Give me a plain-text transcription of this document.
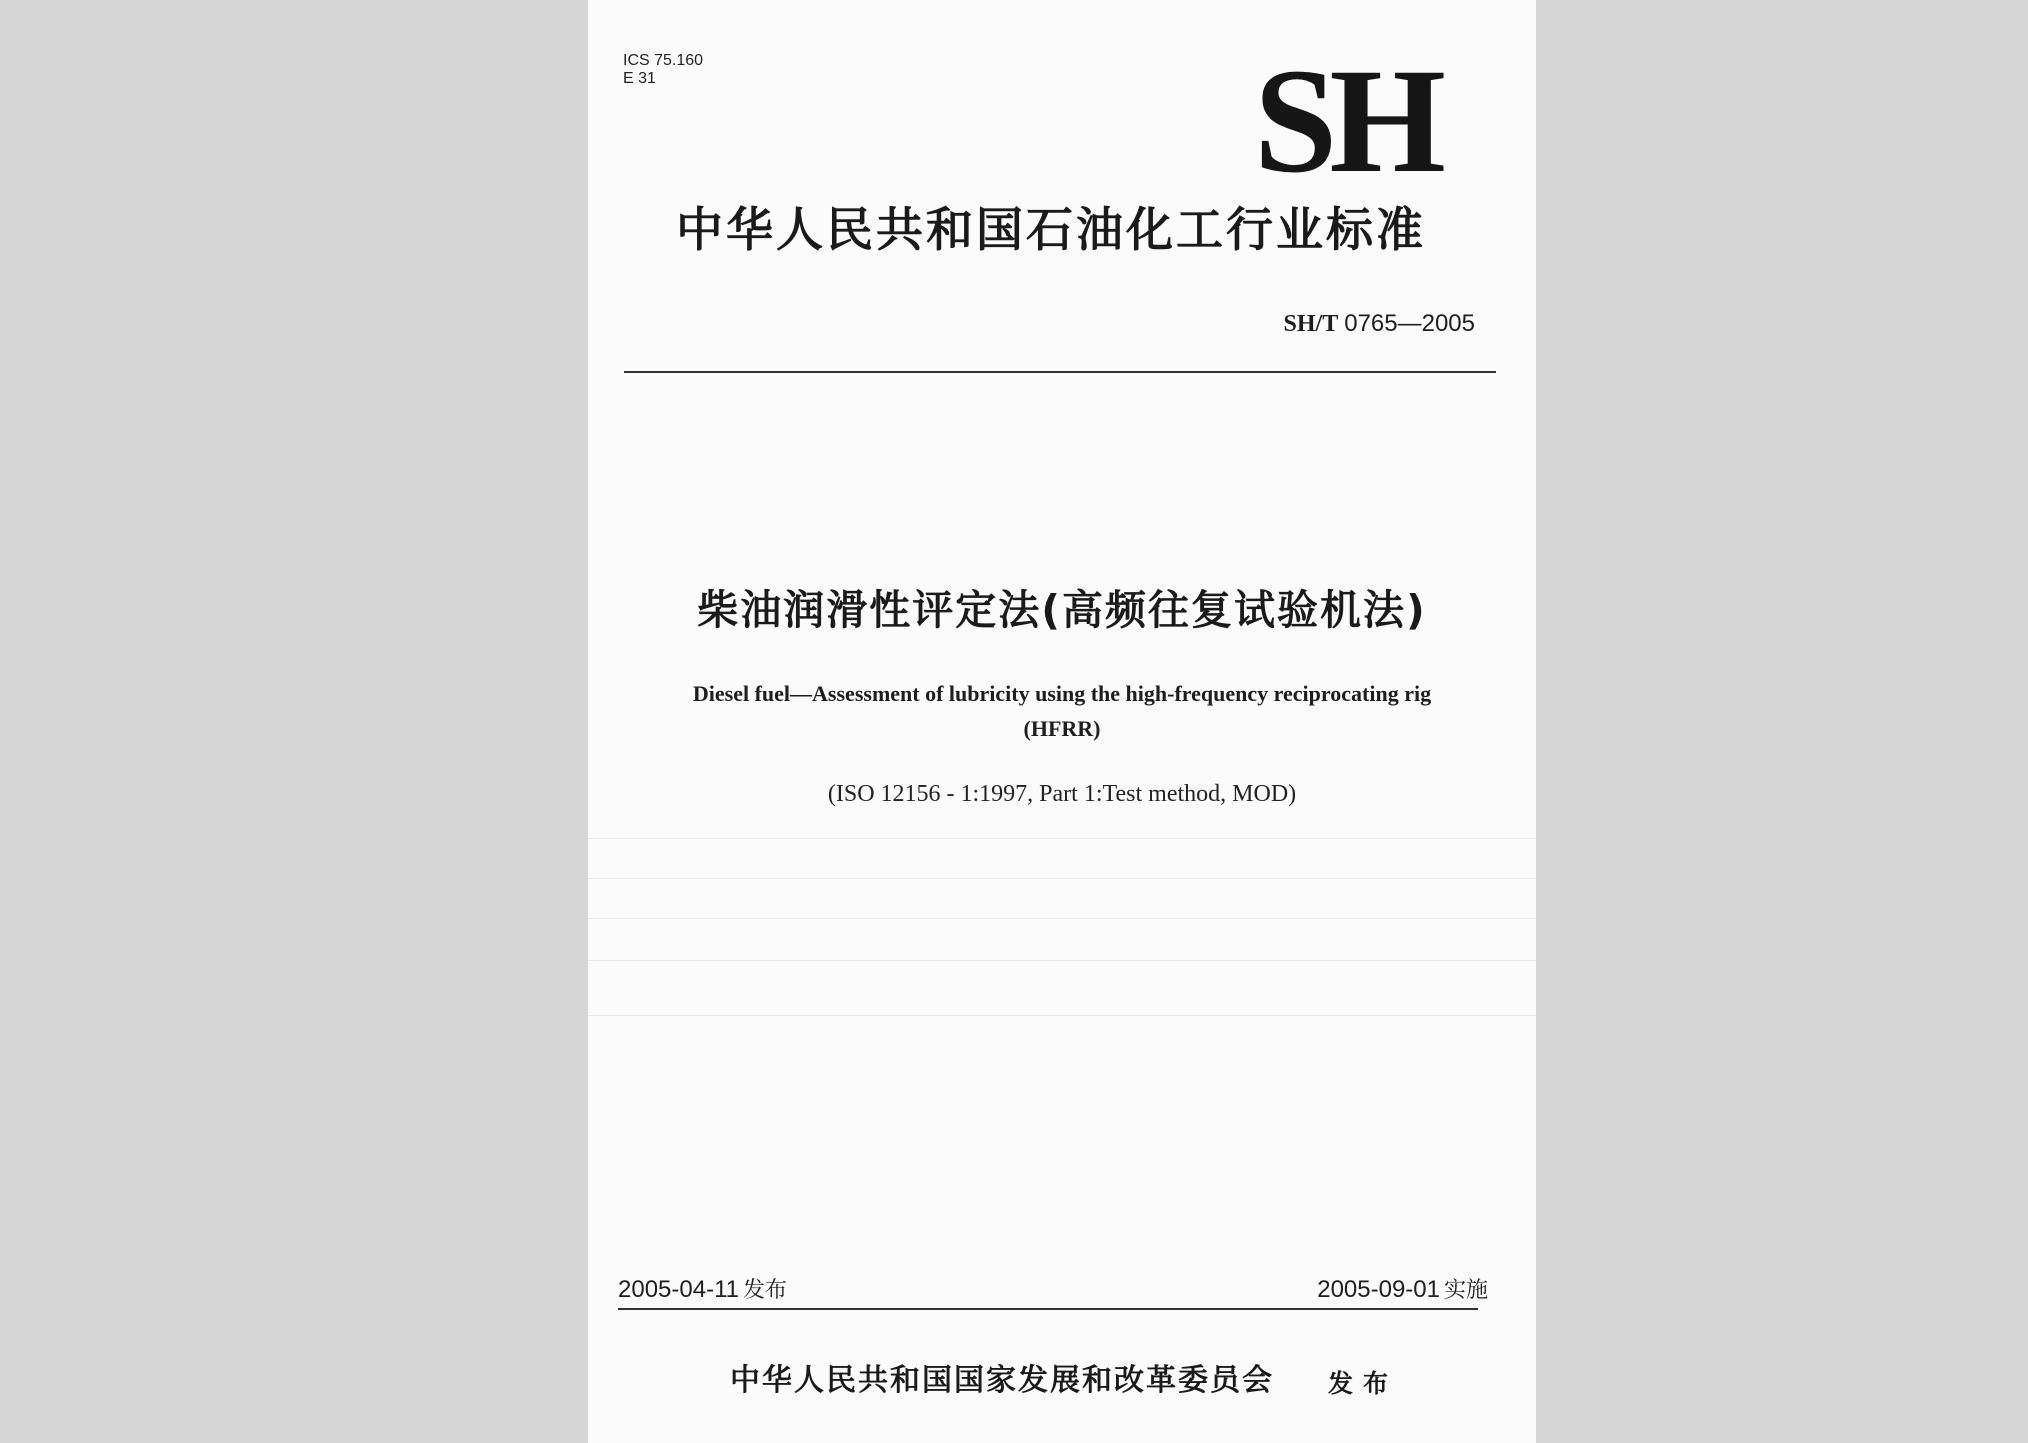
ICS 75.160
E 31	SH
中华人民共和国石油化工行业标准
SH/T 0765—2005
柴油润滑性评定法(高频往复试验机法)
Diesel fuel—Assessment of lubricity using the high-frequency reciprocating rig
(HFRR)
(ISO 12156 - 1:1997, Part 1:Test method, MOD)
2005-04-11 发布	2005-09-01 实施
中华人民共和国国家发展和改革委员会 发布
